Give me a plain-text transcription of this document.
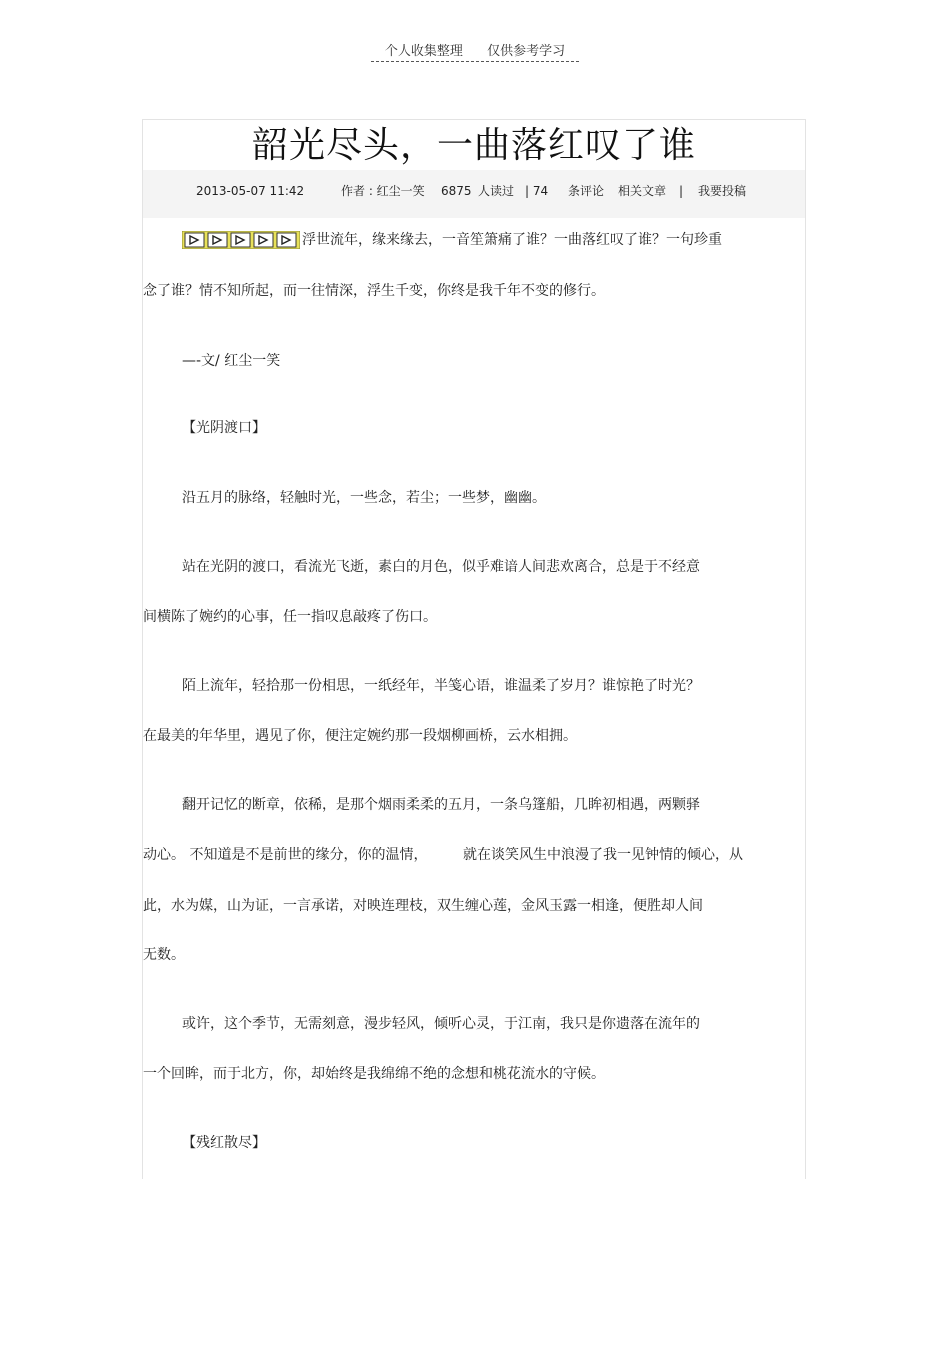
个人收集整理 仅供参考学习
韶光尽头，一曲落红叹了谁
2013-05-07 11:42	作者 : 红尘一笑 6875 人读过 | 74 条评论 相关文章 | 我要投稿
浮世流年，缘来缘去，一音笙箫痛了谁？一曲落红叹了谁？一句珍重
念了谁？情不知所起，而一往情深，浮生千变，你终是我千年不变的修行。
—-文/ 红尘一笑
【光阴渡口】
沿五月的脉络，轻触时光，一些念，若尘；一些梦，幽幽。
站在光阴的渡口，看流光飞逝，素白的月色，似乎难谙人间悲欢离合，总是于不经意
间横陈了婉约的心事，任一指叹息敲疼了伤口。
陌上流年，轻拾那一份相思，一纸经年，半笺心语，谁温柔了岁月？谁惊艳了时光？
在最美的年华里，遇见了你，便注定婉约那一段烟柳画桥，云水相拥。
翻开记忆的断章，依稀，是那个烟雨柔柔的五月，一条乌篷船，几眸初相遇，两颗驿
动心。 不知道是不是前世的缘分，你的温情，        就在谈笑风生中浪漫了我一见钟情的倾心，从
此，水为媒，山为证，一言承诺，对映连理枝，双生缠心莲，金风玉露一相逢，便胜却人间
无数。
或许，这个季节，无需刻意，漫步轻风，倾听心灵，于江南，我只是你遗落在流年的
一个回眸，而于北方，你，却始终是我绵绵不绝的念想和桃花流水的守候。
【残红散尽】
